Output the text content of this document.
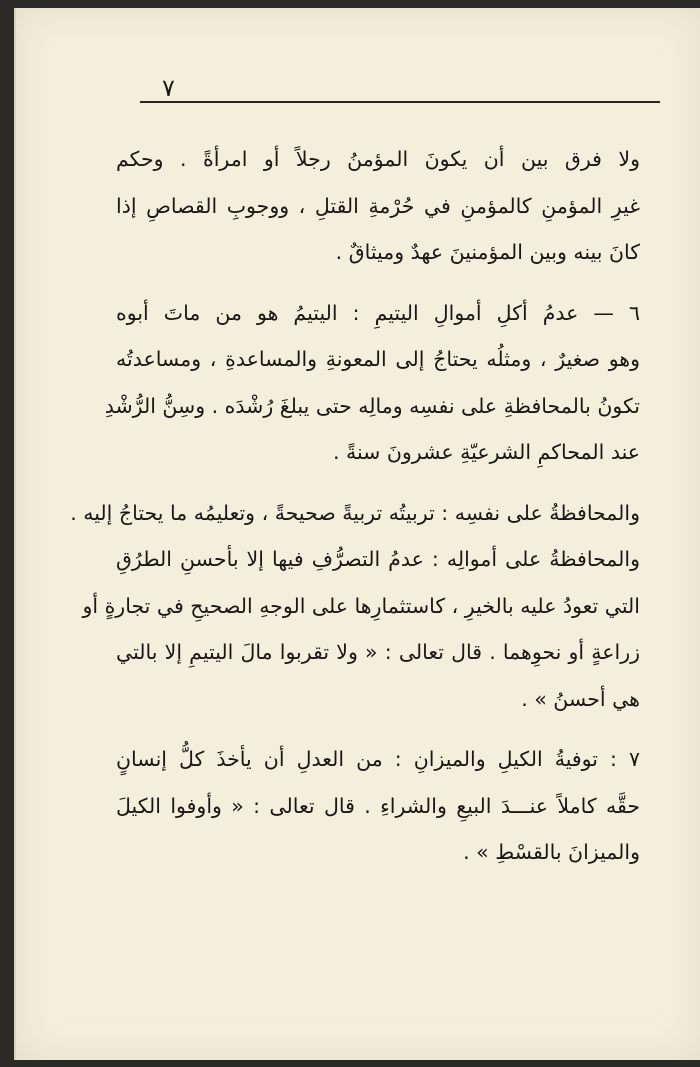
٧
ولا فرق بين أن يكونَ المؤمنُ رجلاً أو امرأةً . وحكم
غيرِ المؤمنِ كالمؤمنِ في حُرْمةِ القتلِ ، ووجوبِ القصاصِ إذا
كانَ بينه وبين المؤمنينَ عهدٌ وميثاقٌ .
٦ — عدمُ أكلِ أموالِ اليتيمِ : اليتيمُ هو من ماتَ أبوه
وهو صغيرٌ ، ومثلُه يحتاجُ إلى المعونةِ والمساعدةِ ، ومساعدتُه
تكونُ بالمحافظةِ على نفسِه ومالِه حتى يبلغَ رُشْدَه . وسِنُّ الرُّشْدِ
عند المحاكمِ الشرعيّةِ عشرونَ سنةً .
والمحافظةُ على نفسِه : تربيتُه تربيةً صحيحةً ، وتعليمُه ما يحتاجُ إليه .
والمحافظةُ على أموالِه : عدمُ التصرُّفِ فيها إلا بأحسنِ الطرُقِ
التي تعودُ عليه بالخيرِ ، كاستثمارِها على الوجهِ الصحيحِ في تجارةٍ أو
زراعةٍ أو نحوِهما . قال تعالى : « ولا تقربوا مالَ اليتيمِ إلا بالتي
هي أحسنُ » .
٧ : توفيةُ الكيلِ والميزانِ : من العدلِ أن يأخذَ كلُّ إنسانٍ
حقَّه كاملاً عنـــدَ البيعِ والشراءِ . قال تعالى : « وأوفوا الكيلَ
والميزانَ بالقسْطِ » .
